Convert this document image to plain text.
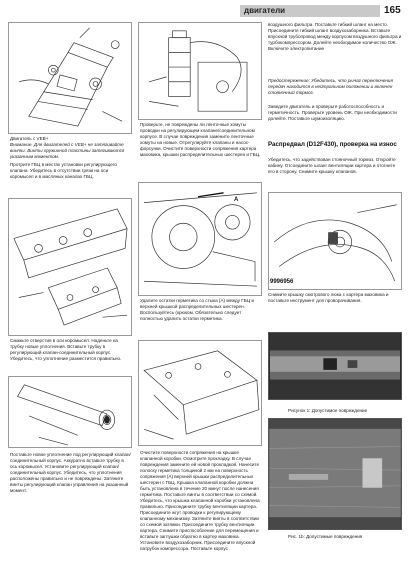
двигатели	165
Двигатель с VEB+
Внимание. Для двигателей с VEB+ не затягивайте винты. Винты пружинной пластины затягиваются указанным моментом.
Протрите ГБЦ в местах установки регулирующего клапана. Убедитесь в отсутствии грязи на оси коромысел и в масляных каналах ГБЦ.
Смажьте отверстия в оси коромысел. Наденьте на трубку новые уплотнения. Вставьте трубку в регулирующий клапан-соединительный корпус. Убедитесь, что уплотнение разместится правильно.
Поставьте новое уплотнение под регулирующий клапан/соединительный корпус. Аккуратно вставьте трубку в ось коромысел. Установите регулирующий клапан/соединительный корпус. Убедитесь, что уплотнения расположены правильно и не повреждены. Затяните винты регулирующий клапан управления на указанный момент.
Проверьте, не повреждены ли ленточные хомуты проводки на регулирующем клапане/соединительном корпусе. В случае повреждения замените ленточные хомуты на новые. Отрегулируйте клапаны и насос-форсунки. Очистите поверхности сопряжения картера маховика, крышки распределительных шестерен и ГБЦ.
A
Удалите остатки герметика со стыка (А) между ГБЦ и верхней крышкой распределительных шестерен. Воспользуйтесь (крюком. Обязательно следует полностью удалить остатки герметика.
Очистите поверхности сопряжения на крышке клапанной коробки. Осмотрите прокладку. В случае повреждения замените ей новой прокладкой. Нанесите полоску герметика толщиной 2 мм на поверхность сопряжения (А) верхней крышки распределительных шестерен с ГБЦ. Крышка клапанной коробки должна быть установлена в течение 20 минут после нанесения герметика. Поставьте винты в соответствии со схемой. Убедитесь, что крышка клапанной коробки установлена правильно. Присоедините трубку вентиляции картера. Присоедините жгут проводки к регулирующему клапанному механизму. Затяните винты в соответствии со схемой затяжки. Присоедините трубку вентиляции картера. Снимите приспособление для перемещения и вставьте заглушки обратно в картер маховика. Установите воздухозаборник. Присоедините впускной патрубок компрессора. Поставьте корпус
воздушного фильтра. Поставьте гибкий шланг на место. Присоедините гибкий шланг воздухозаборника. Вставьте впускной трубопровод между корпусом воздушного фильтра и турбокомпрессором. Долейте необходимое количество ОЖ. Включите электропитание
Предостережение: Убедитесь, что рычаг переключения передач находится в нейтральном положении и включен стояночный тормоз.
Заведите двигатель и проверьте работоспособность и герметичность. Проверьте уровень ОЖ. При необходимости долейте. Поставьте шумоизоляцию.
Распредвал (D12F430), проверка на износ
Убедитесь, что задействован стояночный тормоз. Откройте кабину. Отсоедините шланг вентиляции картера и отогните его в сторону. Снимите крышку клапанов.
9996956
Снимите крышку смотрового люка с картера маховика и поставьте инструмент для проворачивания.
Рисунок 1: Допустимое повреждение
Рис. 1b: Допустимые повреждения
